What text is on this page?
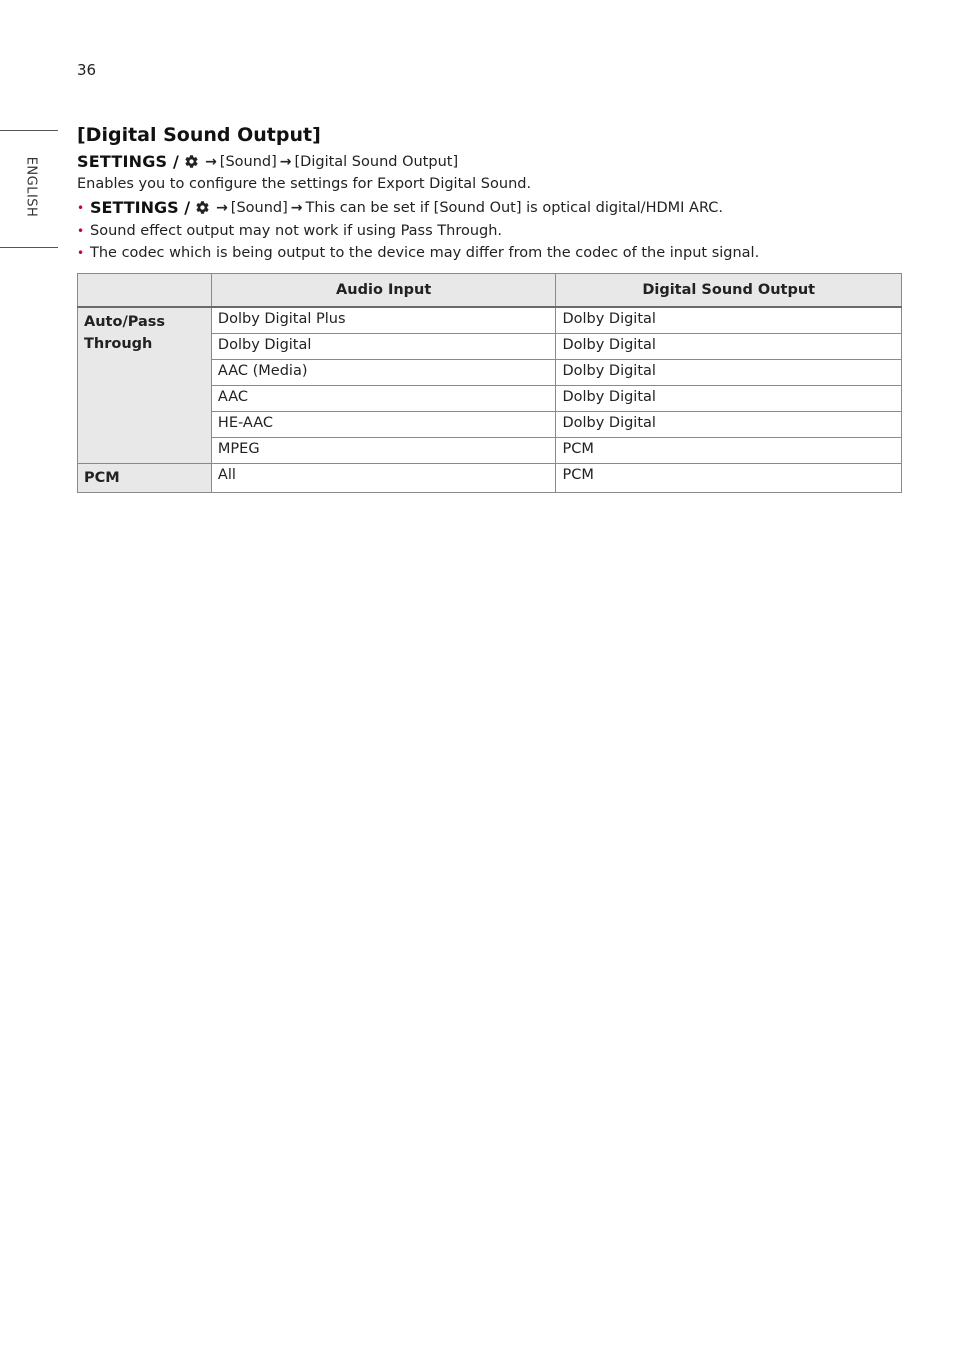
36
ENGLISH
[Digital Sound Output]
SETTINGS / → [Sound] → [Digital Sound Output]

Enables you to configure the settings for Export Digital Sound.

• SETTINGS / → [Sound] → This can be set if [Sound Out] is optical digital/HDMI ARC.
• Sound effect output may not work if using Pass Through.
• The codec which is being output to the device may differ from the codec of the input signal.
	Audio Input	Digital Sound Output
Auto/Pass Through	Dolby Digital Plus	Dolby Digital
	Dolby Digital	Dolby Digital
	AAC (Media)	Dolby Digital
	AAC	Dolby Digital
	HE-AAC	Dolby Digital
	MPEG	PCM
PCM	All	PCM
